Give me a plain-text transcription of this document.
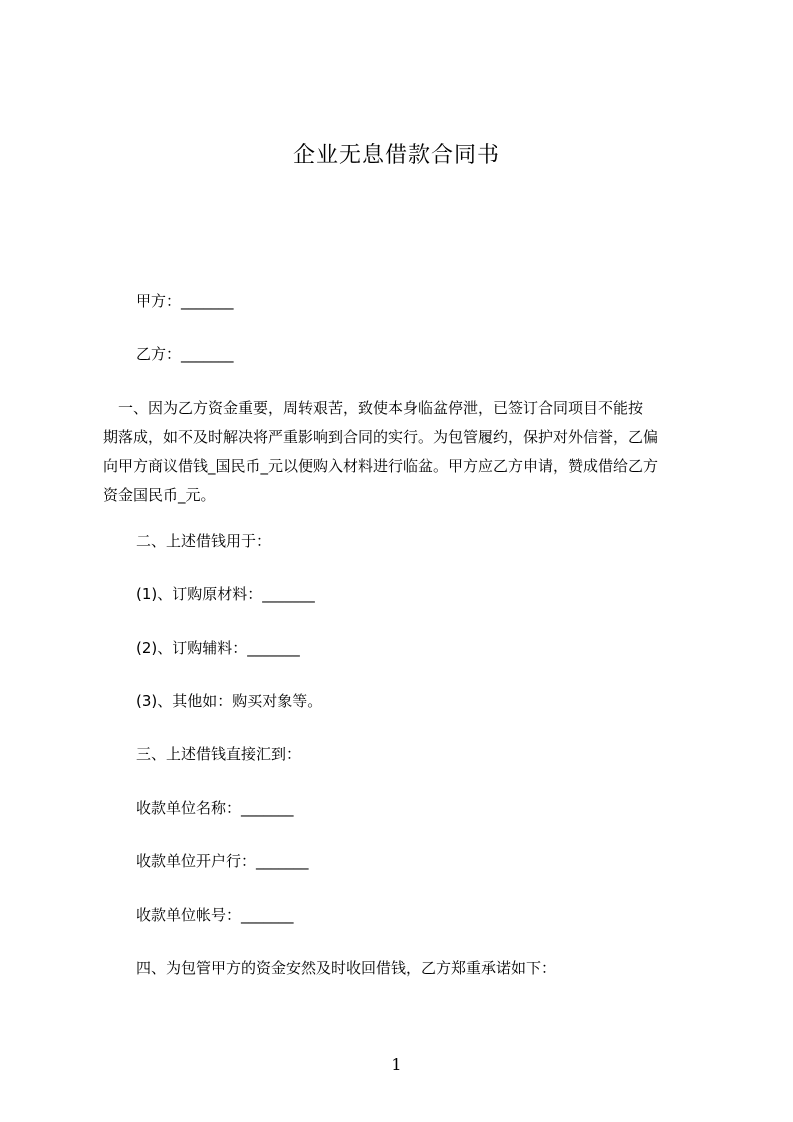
企业无息借款合同书
甲方：_______
乙方：_______
　一、因为乙方资金重要，周转艰苦，致使本身临盆停泄，已签订合同项目不能按
期落成，如不及时解决将严重影响到合同的实行。为包管履约，保护对外信誉，乙偏
向甲方商议借钱_国民币_元以便购入材料进行临盆。甲方应乙方申请，赞成借给乙方
资金国民币_元。
二、上述借钱用于：
(1)、订购原材料：_______
(2)、订购辅料：_______
(3)、其他如：购买对象等。
三、上述借钱直接汇到：
收款单位名称：_______
收款单位开户行：_______
收款单位帐号：_______
四、为包管甲方的资金安然及时收回借钱，乙方郑重承诺如下：
1
